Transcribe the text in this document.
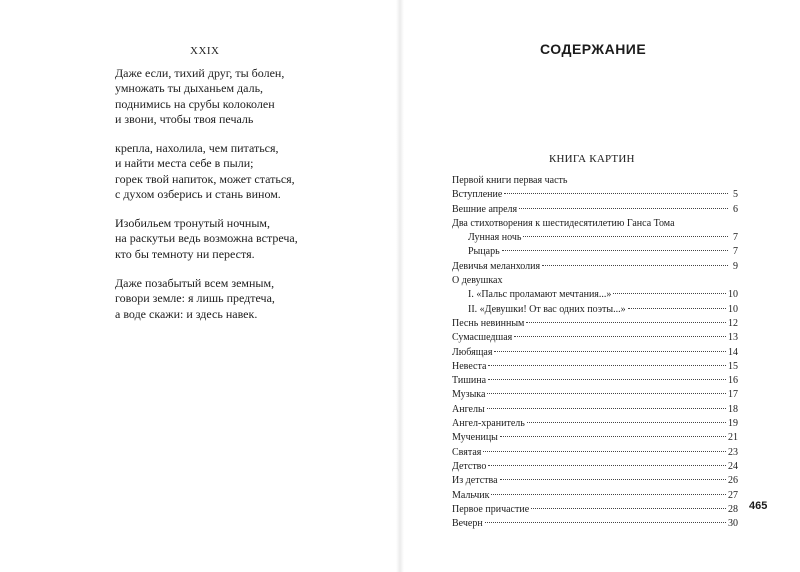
XXIX
Даже если, тихий друг, ты болен,
умножать ты дыханьем даль,
поднимись на срубы колоколен
и звони, чтобы твоя печаль
крепла, нахолила, чем питаться,
и найти места себе в пыли;
горек твой напиток, может статься,
с духом озберись и стань вином.
Изобильем тронутый ночным,
на раскутьи ведь возможна встреча,
кто бы темноту ни перестя.
Даже позабытый всем земным,
говори земле: я лишь предтеча,
а воде скажи: и здесь навек.
СОДЕРЖАНИЕ
КНИГА КАРТИН
Первой книги первая часть
Вступление	5
Вешние апреля	6
Два стихотворения к шестидесятилетию Ганса Тома
Лунная ночь	7
Рыцарь	7
Девичья меланхолия	9
О девушках
I. «Пальс проламают мечтания...»	10
II. «Девушки! От вас одних поэты...»	10
Песнь невинным	12
Сумасшедшая	13
Любящая	14
Невеста	15
Тишина	16
Музыка	17
Ангелы	18
Ангел-хранитель	19
Мученицы	21
Святая	23
Детство	24
Из детства	26
Мальчик	27
Первое причастие	28
Вечерн	30
465
